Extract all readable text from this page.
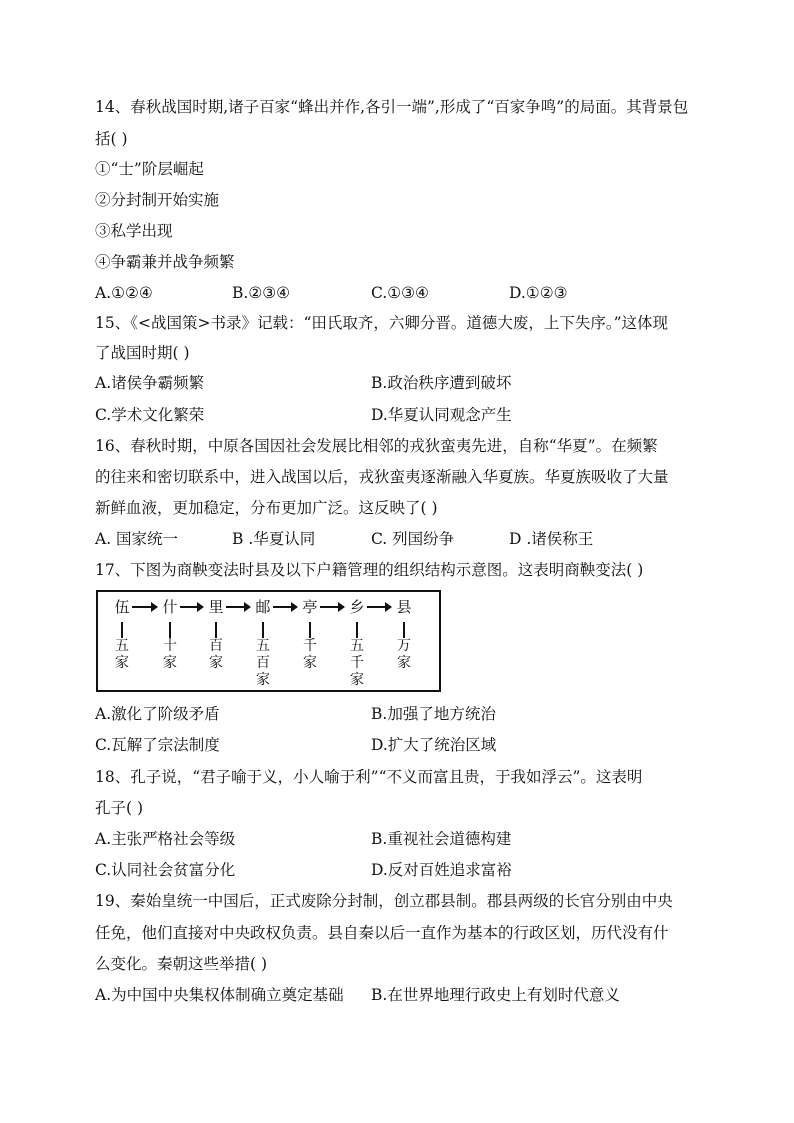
14、春秋战国时期,诸子百家“蜂出并作,各引一端”,形成了“百家争鸣”的局面。其背景包
括( )
①“士”阶层崛起
②分封制开始实施
③私学出现
④争霸兼并战争频繁
A.①②④	B.②③④	C.①③④	D.①②③
15、《<战国策>书录》记载：“田氏取齐，六卿分晋。道德大废，上下失序。”这体现
了战国时期( )
A.诸侯争霸频繁	B.政治秩序遭到破坏
C.学术文化繁荣	D.华夏认同观念产生
16、春秋时期，中原各国因社会发展比相邻的戎狄蛮夷先进，自称“华夏”。在频繁
的往来和密切联系中，进入战国以后，戎狄蛮夷逐渐融入华夏族。华夏族吸收了大量
新鲜血液，更加稳定，分布更加广泛。这反映了( )
A. 国家统一	B .华夏认同	C. 列国纷争	D .诸侯称王
17、下图为商鞅变法时县及以下户籍管理的组织结构示意图。这表明商鞅变法( )
伍 什 里 邮 亭 乡 县
五
家
十
家
百
家
五
百
家
千
家
五
千
家
万
家
A.激化了阶级矛盾	B.加强了地方统治
C.瓦解了宗法制度	D.扩大了统治区域
18、孔子说，“君子喻于义，小人喻于利”“不义而富且贵，于我如浮云”。这表明
孔子( )
A.主张严格社会等级	B.重视社会道德构建
C.认同社会贫富分化	D.反对百姓追求富裕
19、秦始皇统一中国后，正式废除分封制，创立郡县制。郡县两级的长官分别由中央
任免，他们直接对中央政权负责。县自秦以后一直作为基本的行政区划，历代没有什
么变化。秦朝这些举措( )
A.为中国中央集权体制确立奠定基础 B.在世界地理行政史上有划时代意义
